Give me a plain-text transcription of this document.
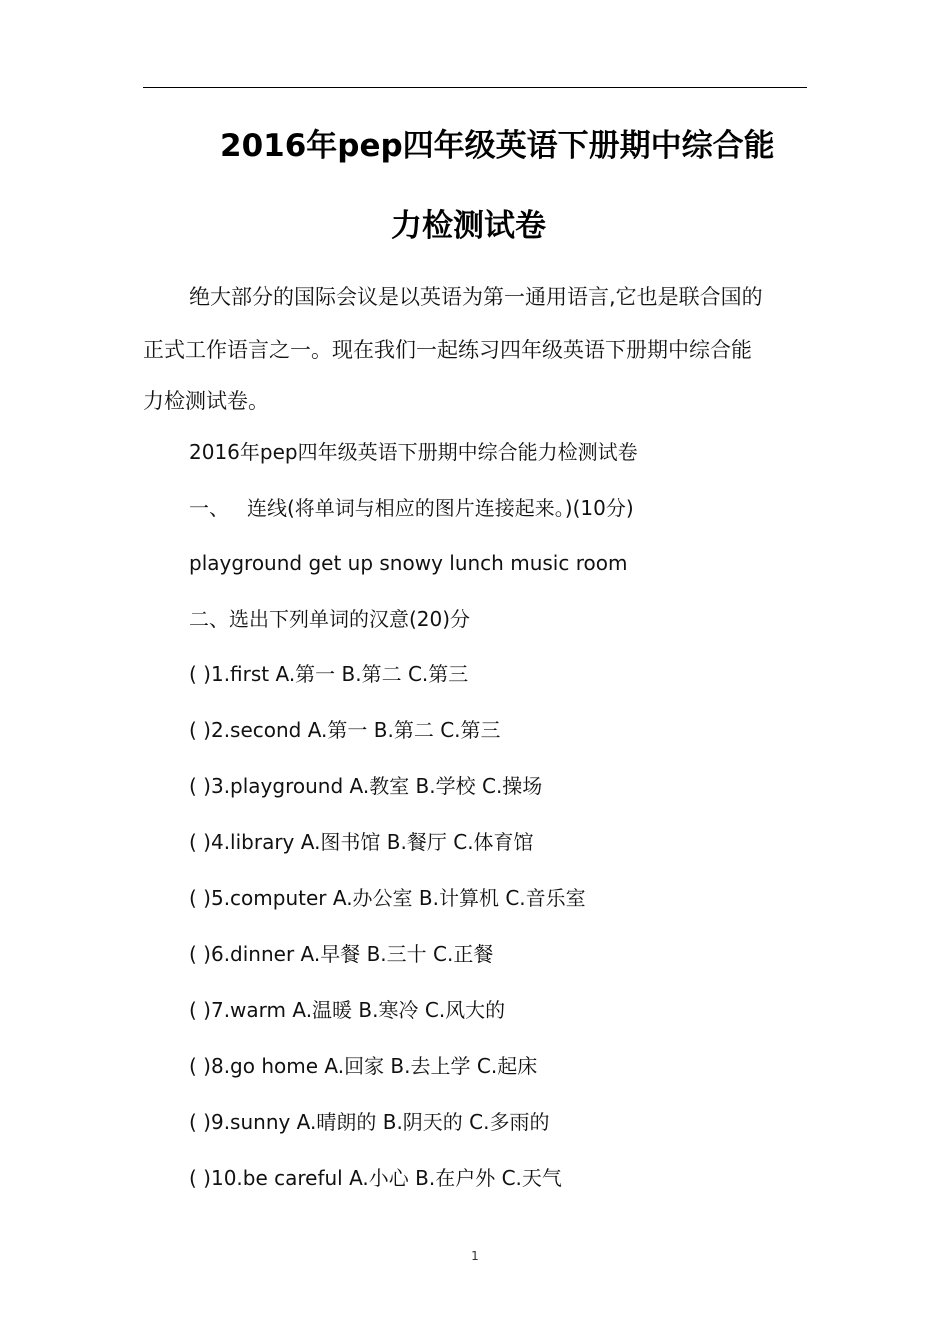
2016年pep四年级英语下册期中综合能
力检测试卷
绝大部分的国际会议是以英语为第一通用语言,它也是联合国的
正式工作语言之一。现在我们一起练习四年级英语下册期中综合能
力检测试卷。
2016年pep四年级英语下册期中综合能力检测试卷
一、 连线(将单词与相应的图片连接起来。)(10分)
playground get up snowy lunch music room
二、选出下列单词的汉意(20)分
( )1.first A.第一 B.第二 C.第三
( )2.second A.第一 B.第二 C.第三
( )3.playground A.教室 B.学校 C.操场
( )4.library A.图书馆 B.餐厅 C.体育馆
( )5.computer A.办公室 B.计算机 C.音乐室
( )6.dinner A.早餐 B.三十 C.正餐
( )7.warm A.温暖 B.寒冷 C.风大的
( )8.go home A.回家 B.去上学 C.起床
( )9.sunny A.晴朗的 B.阴天的 C.多雨的
( )10.be careful A.小心 B.在户外 C.天气
1
